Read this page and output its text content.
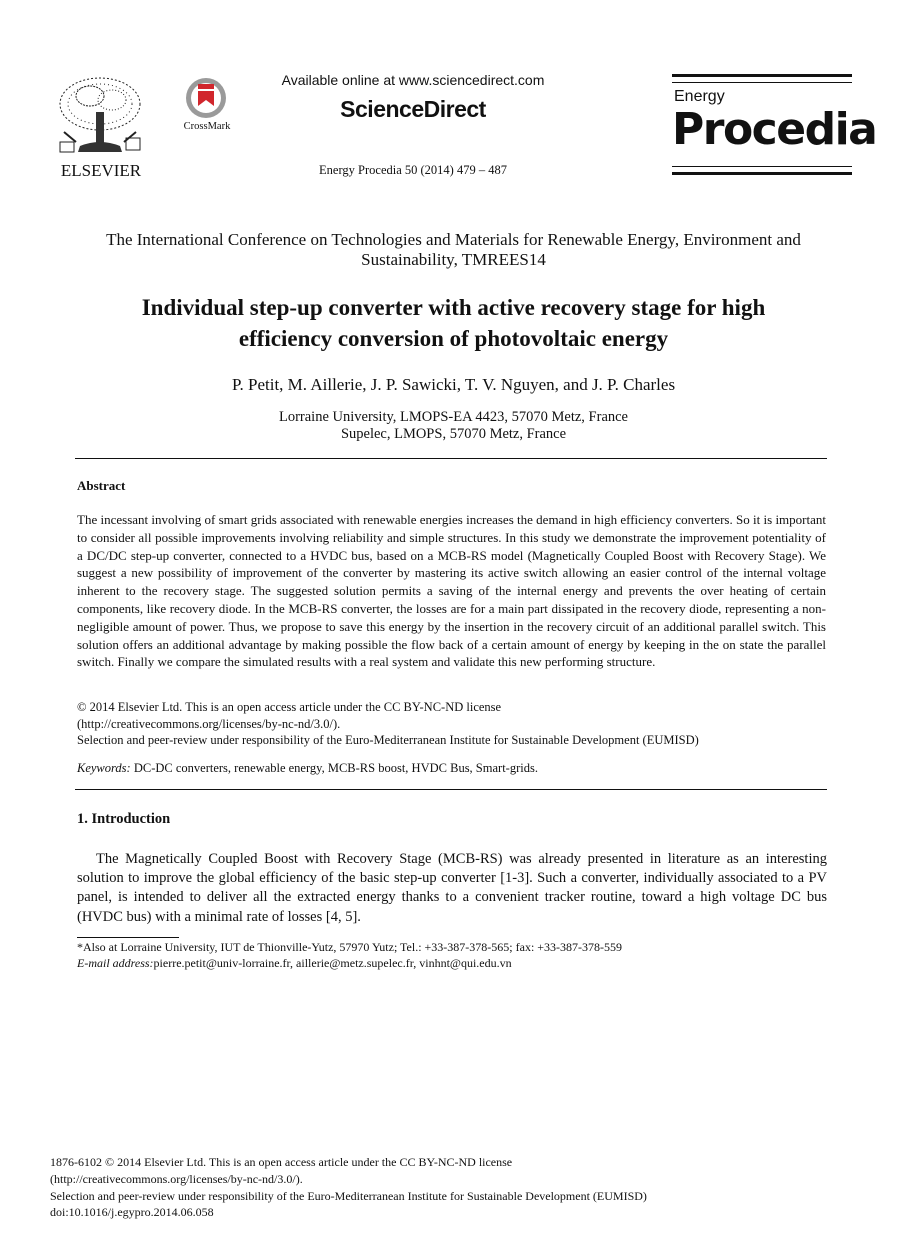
ELSEVIER
CrossMark
Available online at www.sciencedirect.com
ScienceDirect
Energy Procedia 50 (2014) 479 – 487
Energy
Procedia
The International Conference on Technologies and Materials for Renewable Energy, Environment and Sustainability, TMREES14
Individual step-up converter with active recovery stage for high
efficiency conversion of photovoltaic energy
P. Petit, M. Aillerie, J. P. Sawicki, T. V. Nguyen, and J. P. Charles
Lorraine University, LMOPS-EA 4423, 57070 Metz, France
Supelec, LMOPS, 57070 Metz, France
Abstract
The incessant involving of smart grids associated with renewable energies increases the demand in high efficiency converters. So it is important to consider all possible improvements involving reliability and simple structures. In this study we demonstrate the improvement potentiality of a DC/DC step-up converter, connected to a HVDC bus, based on a MCB-RS model (Magnetically Coupled Boost with Recovery Stage). We suggest a new possibility of improvement of the converter by mastering its active switch allowing an easier control of the internal voltage inherent to the recovery stage. The suggested solution permits a saving of the internal energy and prevents the over heating of certain components, like recovery diode. In the MCB-RS converter, the losses are for a main part dissipated in the recovery diode, representing a non-negligible amount of power. Thus, we propose to save this energy by the insertion in the recovery circuit of an additional parallel switch. This solution offers an additional advantage by making possible the flow back of a certain amount of energy by keeping in the on state the parallel switch. Finally we compare the simulated results with a real system and validate this new performing structure.
© 2014 Elsevier Ltd. This is an open access article under the CC BY-NC-ND license
(http://creativecommons.org/licenses/by-nc-nd/3.0/).
Selection and peer-review under responsibility of the Euro-Mediterranean Institute for Sustainable Development (EUMISD)
Keywords: DC-DC converters, renewable energy, MCB-RS boost, HVDC Bus, Smart-grids.
1. Introduction
The Magnetically Coupled Boost with Recovery Stage (MCB-RS) was already presented in literature as an interesting solution to improve the global efficiency of the basic step-up converter [1-3]. Such a converter, individually associated to a PV panel, is intended to deliver all the extracted energy thanks to a convenient tracker routine, toward a high voltage DC bus (HVDC bus) with a minimal rate of losses [4, 5].
*Also at Lorraine University, IUT de Thionville-Yutz, 57970 Yutz; Tel.: +33-387-378-565; fax: +33-387-378-559
E-mail address:pierre.petit@univ-lorraine.fr, aillerie@metz.supelec.fr, vinhnt@qui.edu.vn
1876-6102 © 2014 Elsevier Ltd. This is an open access article under the CC BY-NC-ND license
(http://creativecommons.org/licenses/by-nc-nd/3.0/).
Selection and peer-review under responsibility of the Euro-Mediterranean Institute for Sustainable Development (EUMISD)
doi:10.1016/j.egypro.2014.06.058
